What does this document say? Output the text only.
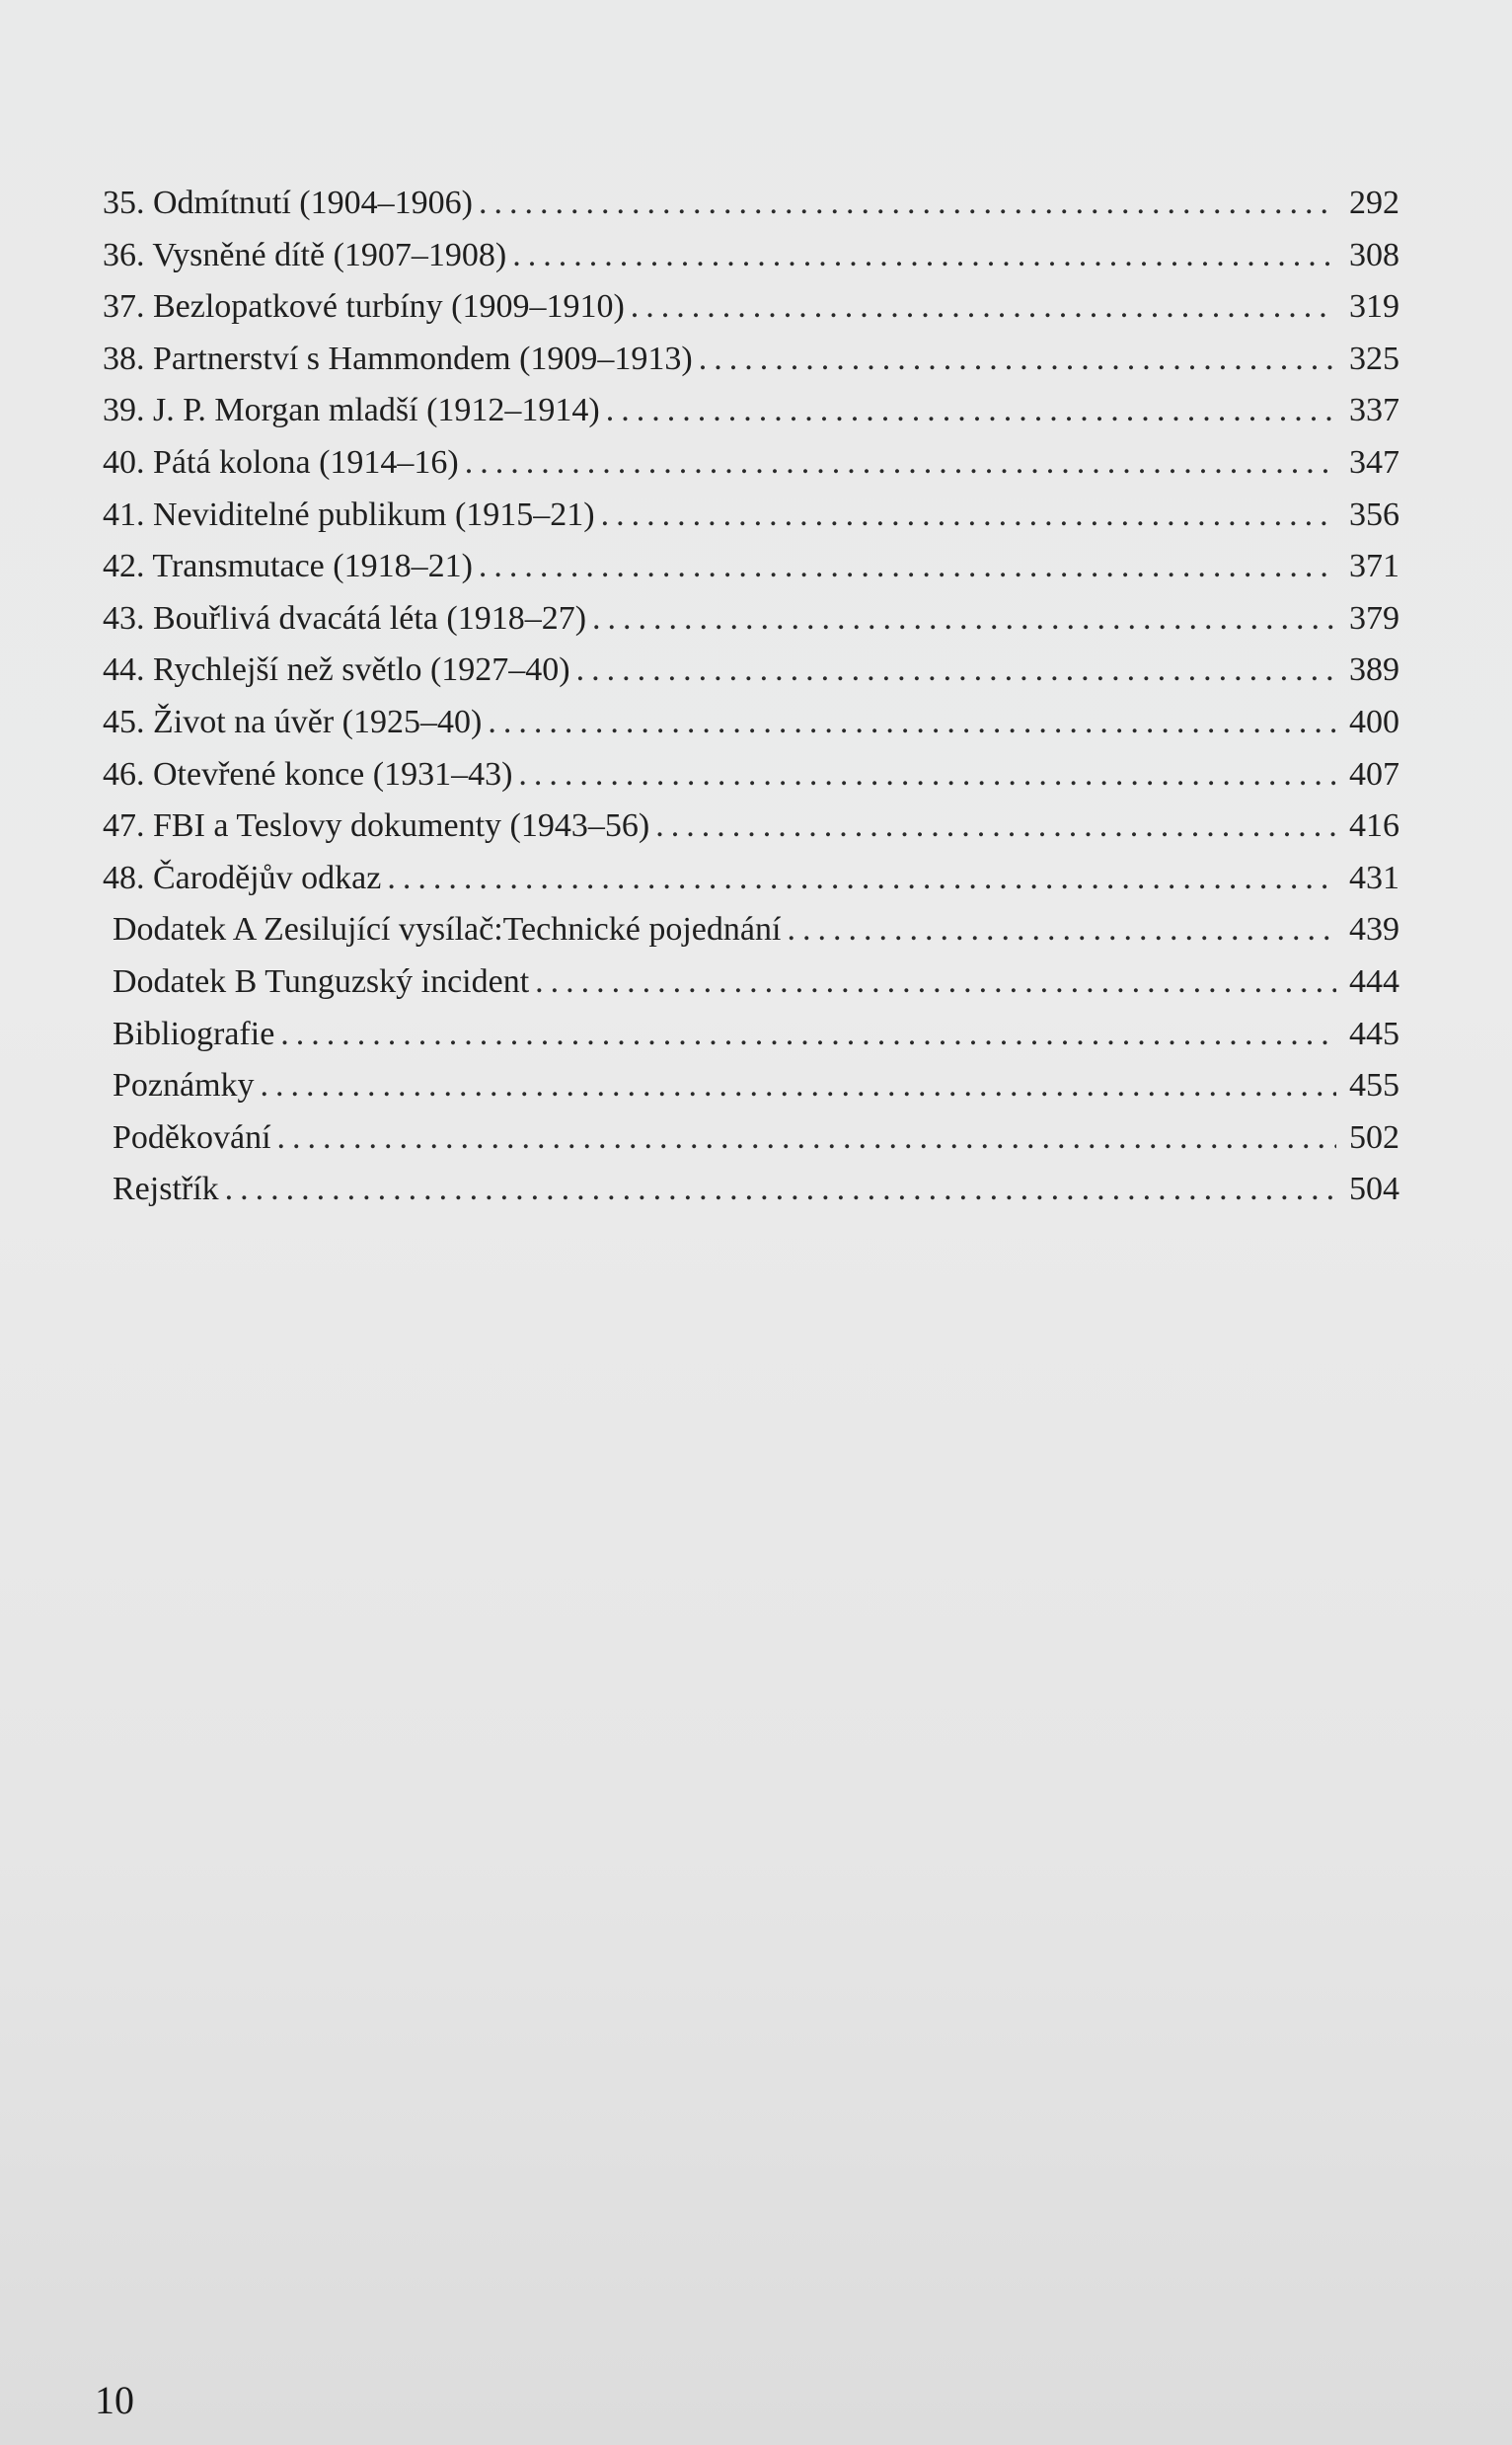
35. Odmítnutí (1904–1906) .....	292
36. Vysněné dítě (1907–1908) .....	308
37. Bezlopatkové turbíny (1909–1910) .....	319
38. Partnerství s Hammondem (1909–1913) .....	325
39. J. P. Morgan mladší (1912–1914) .....	337
40. Pátá kolona (1914–16) .....	347
41. Neviditelné publikum (1915–21) .....	356
42. Transmutace (1918–21) .....	371
43. Bouřlivá dvacátá léta (1918–27) .....	379
44. Rychlejší než světlo (1927–40) .....	389
45. Život na úvěr (1925–40) .....	400
46. Otevřené konce (1931–43) .....	407
47. FBI a Teslovy dokumenty (1943–56) .....	416
48. Čarodějův odkaz .....	431
Dodatek A Zesilující vysílač:Technické pojednání .....	439
Dodatek B Tunguzský incident .....	444
Bibliografie .....	445
Poznámky .....	455
Poděkování .....	502
Rejstřík .....	504
10
